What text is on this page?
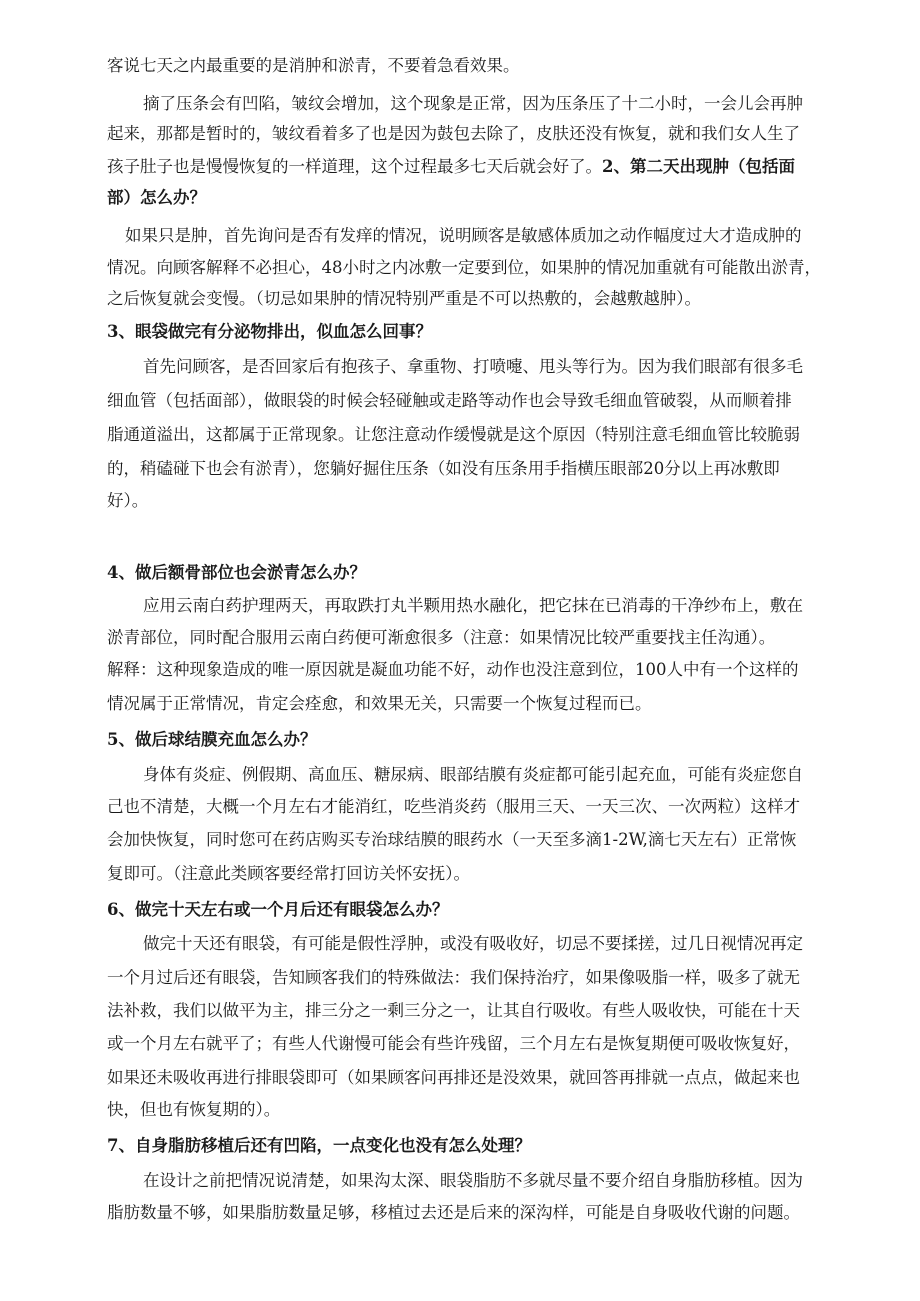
客说七天之内最重要的是消肿和淤青，不要着急看效果。
摘了压条会有凹陷，皱纹会增加，这个现象是正常，因为压条压了十二小时，一会儿会再肿
起来，那都是暂时的，皱纹看着多了也是因为鼓包去除了，皮肤还没有恢复，就和我们女人生了
孩子肚子也是慢慢恢复的一样道理，这个过程最多七天后就会好了。2、第二天出现肿（包括面
部）怎么办？
如果只是肿，首先询问是否有发痒的情况，说明顾客是敏感体质加之动作幅度过大才造成肿的
情况。向顾客解释不必担心，48小时之内冰敷一定要到位，如果肿的情况加重就有可能散出淤青，
之后恢复就会变慢。（切忌如果肿的情况特别严重是不可以热敷的，会越敷越肿）。
3、眼袋做完有分泌物排出，似血怎么回事？
首先问顾客，是否回家后有抱孩子、拿重物、打喷嚏、甩头等行为。因为我们眼部有很多毛
细血管（包括面部），做眼袋的时候会轻碰触或走路等动作也会导致毛细血管破裂，从而顺着排
脂通道溢出，这都属于正常现象。让您注意动作缓慢就是这个原因（特别注意毛细血管比较脆弱
的，稍磕碰下也会有淤青），您躺好掘住压条（如没有压条用手指横压眼部20分以上再冰敷即
好）。
4、做后额骨部位也会淤青怎么办？
应用云南白药护理两天，再取跌打丸半颗用热水融化，把它抹在已消毒的干净纱布上，敷在
淤青部位，同时配合服用云南白药便可渐愈很多（注意：如果情况比较严重要找主任沟通）。
解释：这种现象造成的唯一原因就是凝血功能不好，动作也没注意到位，100人中有一个这样的
情况属于正常情况，肯定会痊愈，和效果无关，只需要一个恢复过程而已。
5、做后球结膜充血怎么办？
身体有炎症、例假期、高血压、糖尿病、眼部结膜有炎症都可能引起充血，可能有炎症您自
己也不清楚，大概一个月左右才能消红，吃些消炎药（服用三天、一天三次、一次两粒）这样才
会加快恢复，同时您可在药店购买专治球结膜的眼药水（一天至多滴1-2W,滴七天左右）正常恢
复即可。（注意此类顾客要经常打回访关怀安抚）。
6、做完十天左右或一个月后还有眼袋怎么办？
做完十天还有眼袋，有可能是假性浮肿，或没有吸收好，切忌不要揉搓，过几日视情况再定
一个月过后还有眼袋，告知顾客我们的特殊做法：我们保持治疗，如果像吸脂一样，吸多了就无
法补救，我们以做平为主，排三分之一剩三分之一，让其自行吸收。有些人吸收快，可能在十天
或一个月左右就平了；有些人代谢慢可能会有些许残留，三个月左右是恢复期便可吸收恢复好，
如果还未吸收再进行排眼袋即可（如果顾客问再排还是没效果，就回答再排就一点点，做起来也
快，但也有恢复期的）。
7、自身脂肪移植后还有凹陷，一点变化也没有怎么处理？
在设计之前把情况说清楚，如果沟太深、眼袋脂肪不多就尽量不要介绍自身脂肪移植。因为
脂肪数量不够，如果脂肪数量足够，移植过去还是后来的深沟样，可能是自身吸收代谢的问题。
